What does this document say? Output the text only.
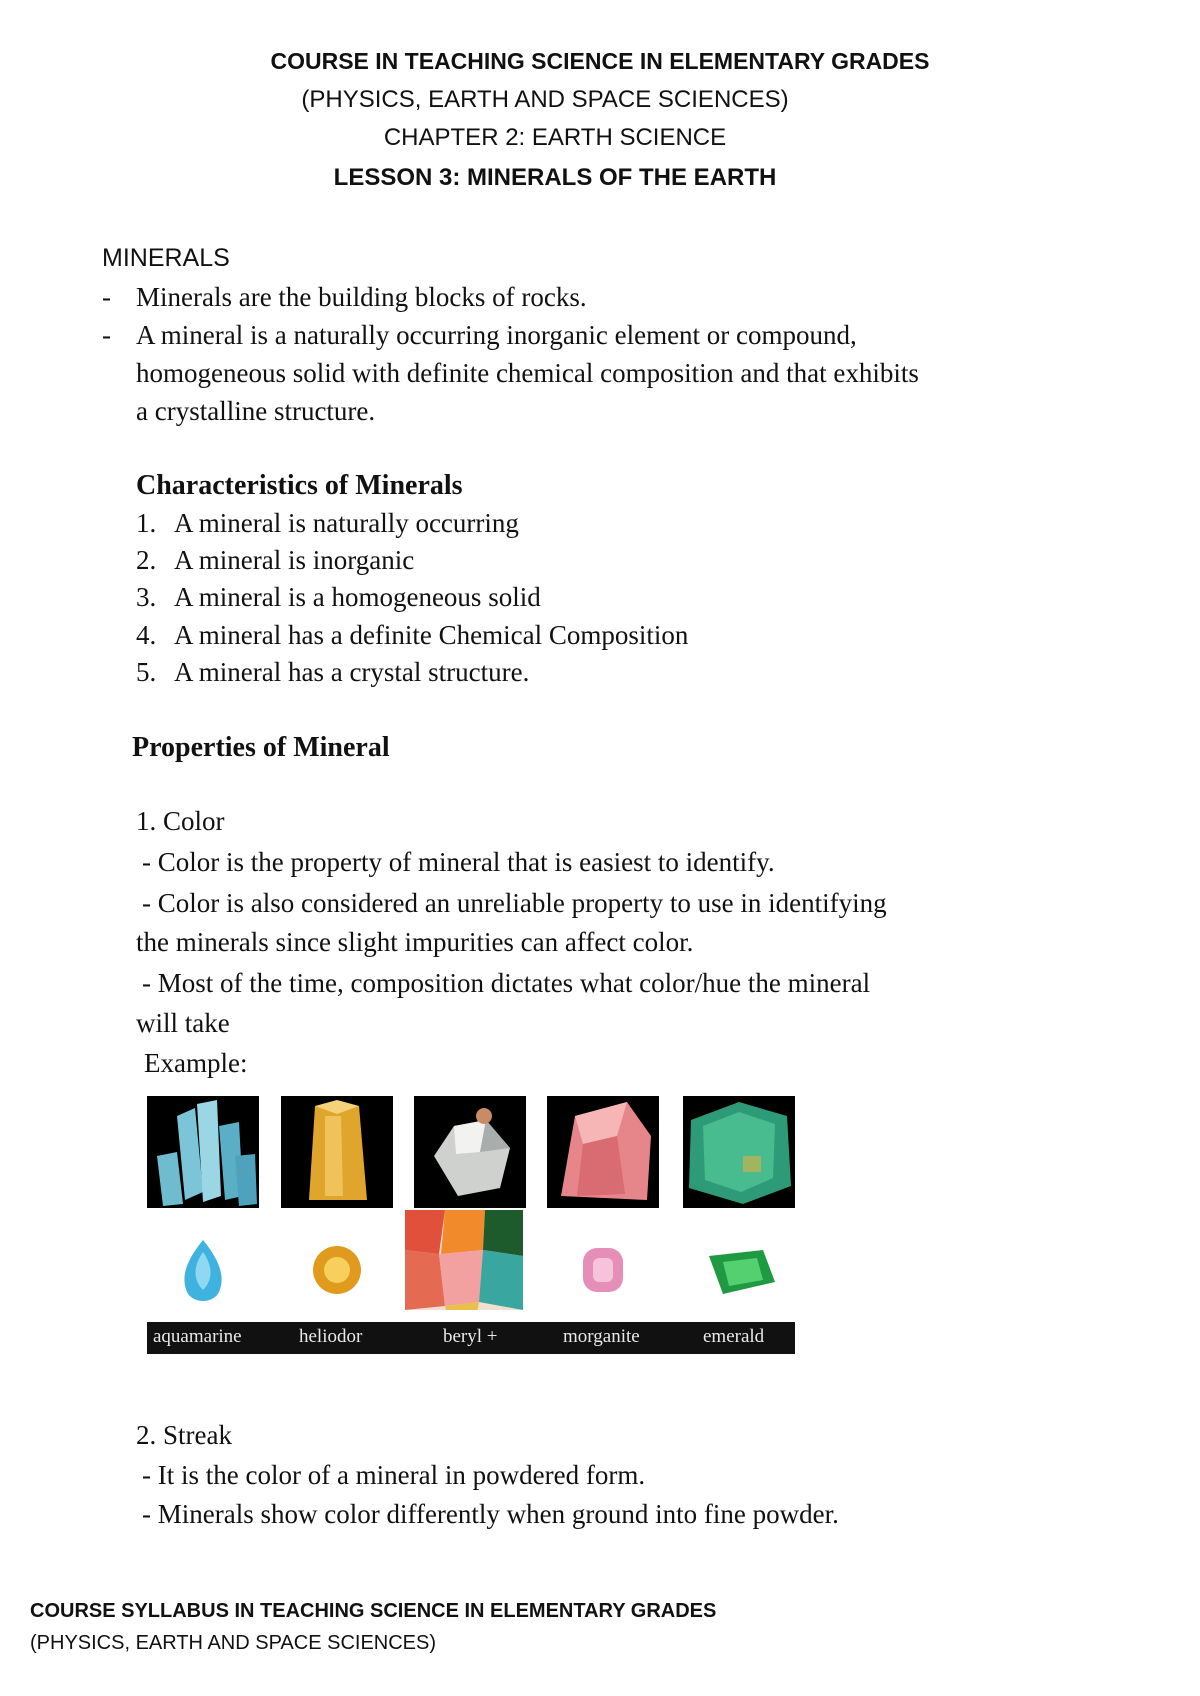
COURSE IN TEACHING SCIENCE IN ELEMENTARY GRADES
(PHYSICS, EARTH AND SPACE SCIENCES)
CHAPTER 2: EARTH SCIENCE
LESSON 3: MINERALS OF THE EARTH
MINERALS
- Minerals are the building blocks of rocks.
- A mineral is a naturally occurring inorganic element or compound,
homogeneous solid with definite chemical composition and that exhibits
a crystalline structure.
Characteristics of Minerals
1. A mineral is naturally occurring
2. A mineral is inorganic
3. A mineral is a homogeneous solid
4. A mineral has a definite Chemical Composition
5. A mineral has a crystal structure.
Properties of Mineral
1. Color
- Color is the property of mineral that is easiest to identify.
- Color is also considered an unreliable property to use in identifying
the minerals since slight impurities can affect color.
- Most of the time, composition dictates what color/hue the mineral
will take
Example:
aquamarine	heliodor	beryl +	morganite	emerald
2. Streak
- It is the color of a mineral in powdered form.
- Minerals show color differently when ground into fine powder.
COURSE SYLLABUS IN TEACHING SCIENCE IN ELEMENTARY GRADES
(PHYSICS, EARTH AND SPACE SCIENCES)
